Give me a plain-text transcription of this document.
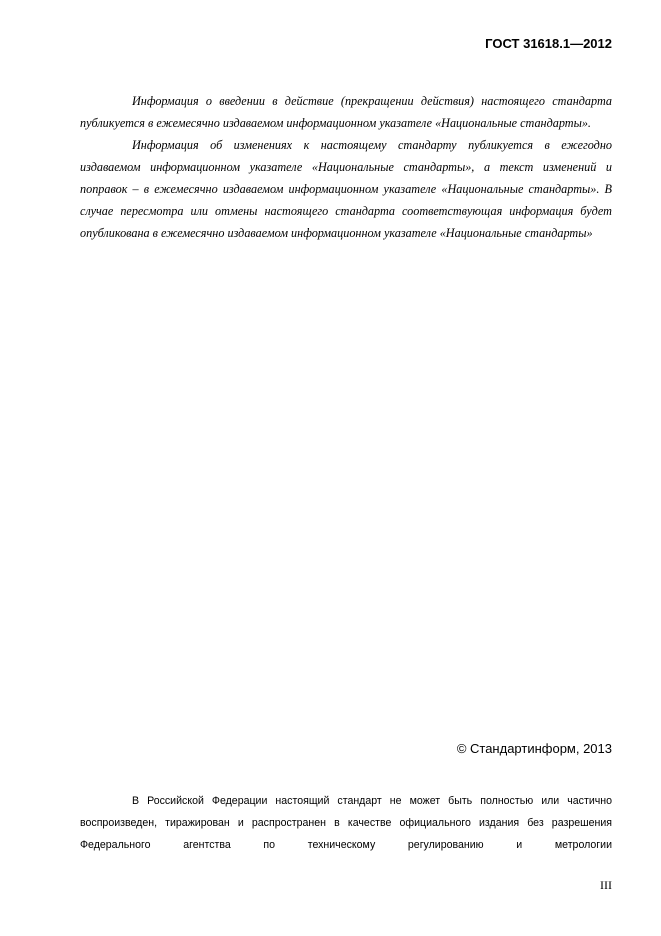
ГОСТ 31618.1—2012
Информация о введении в действие (прекращении действия) настоящего стандарта
публикуется в ежемесячно издаваемом информационном указателе «Национальные стандарты».
Информация об изменениях к настоящему стандарту публикуется в ежегодно
издаваемом информационном указателе «Национальные стандарты», а текст изменений и
поправок – в ежемесячно издаваемом информационном указателе «Национальные стандарты». В
случае пересмотра или отмены настоящего стандарта соответствующая информация будет
опубликована в ежемесячно издаваемом информационном указателе «Национальные стандарты»
© Стандартинформ, 2013
В Российской Федерации настоящий стандарт не может быть полностью или частично
воспроизведен, тиражирован и распространен в качестве официального издания без разрешения
Федерального агентства по техническому регулированию и метрологии
III
